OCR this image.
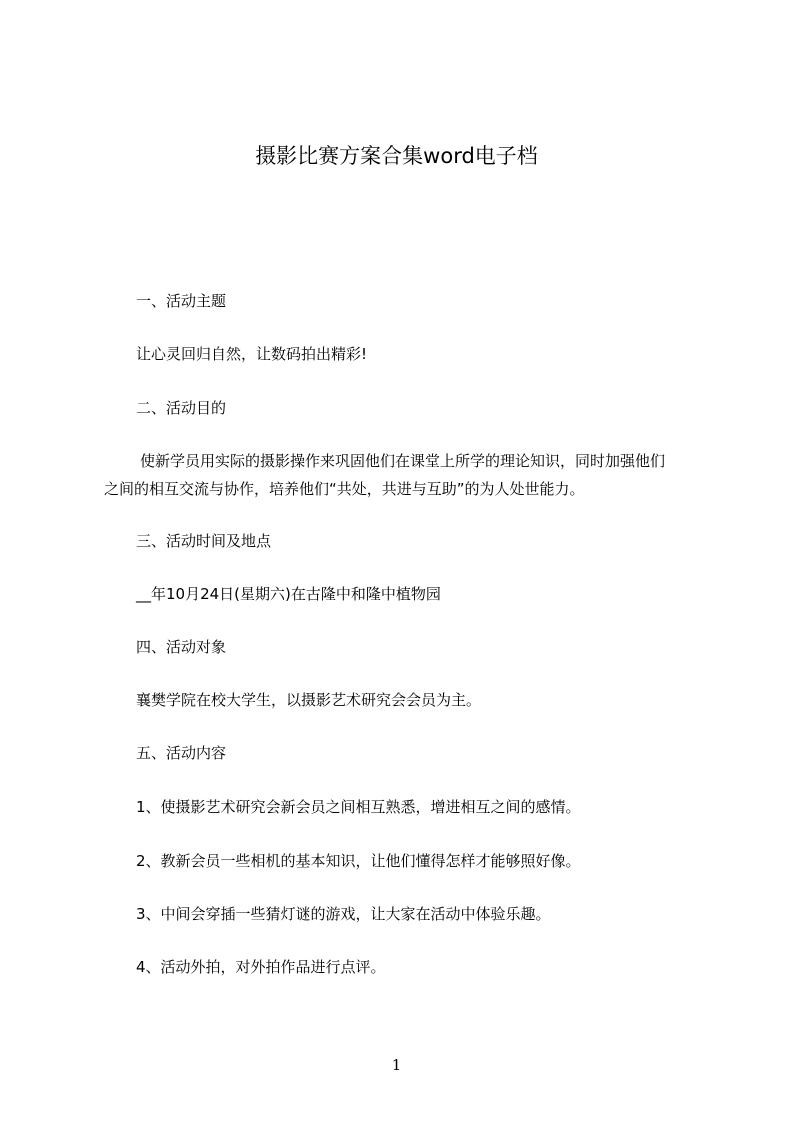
摄影比赛方案合集word电子档
一、活动主题
让心灵回归自然，让数码拍出精彩!
二、活动目的
使新学员用实际的摄影操作来巩固他们在课堂上所学的理论知识，同时加强他们
之间的相互交流与协作，培养他们“共处，共进与互助”的为人处世能力。
三、活动时间及地点
__年10月24日(星期六)在古隆中和隆中植物园
四、活动对象
襄樊学院在校大学生，以摄影艺术研究会会员为主。
五、活动内容
1、使摄影艺术研究会新会员之间相互熟悉，增进相互之间的感情。
2、教新会员一些相机的基本知识，让他们懂得怎样才能够照好像。
3、中间会穿插一些猜灯谜的游戏，让大家在活动中体验乐趣。
4、活动外拍，对外拍作品进行点评。
1
